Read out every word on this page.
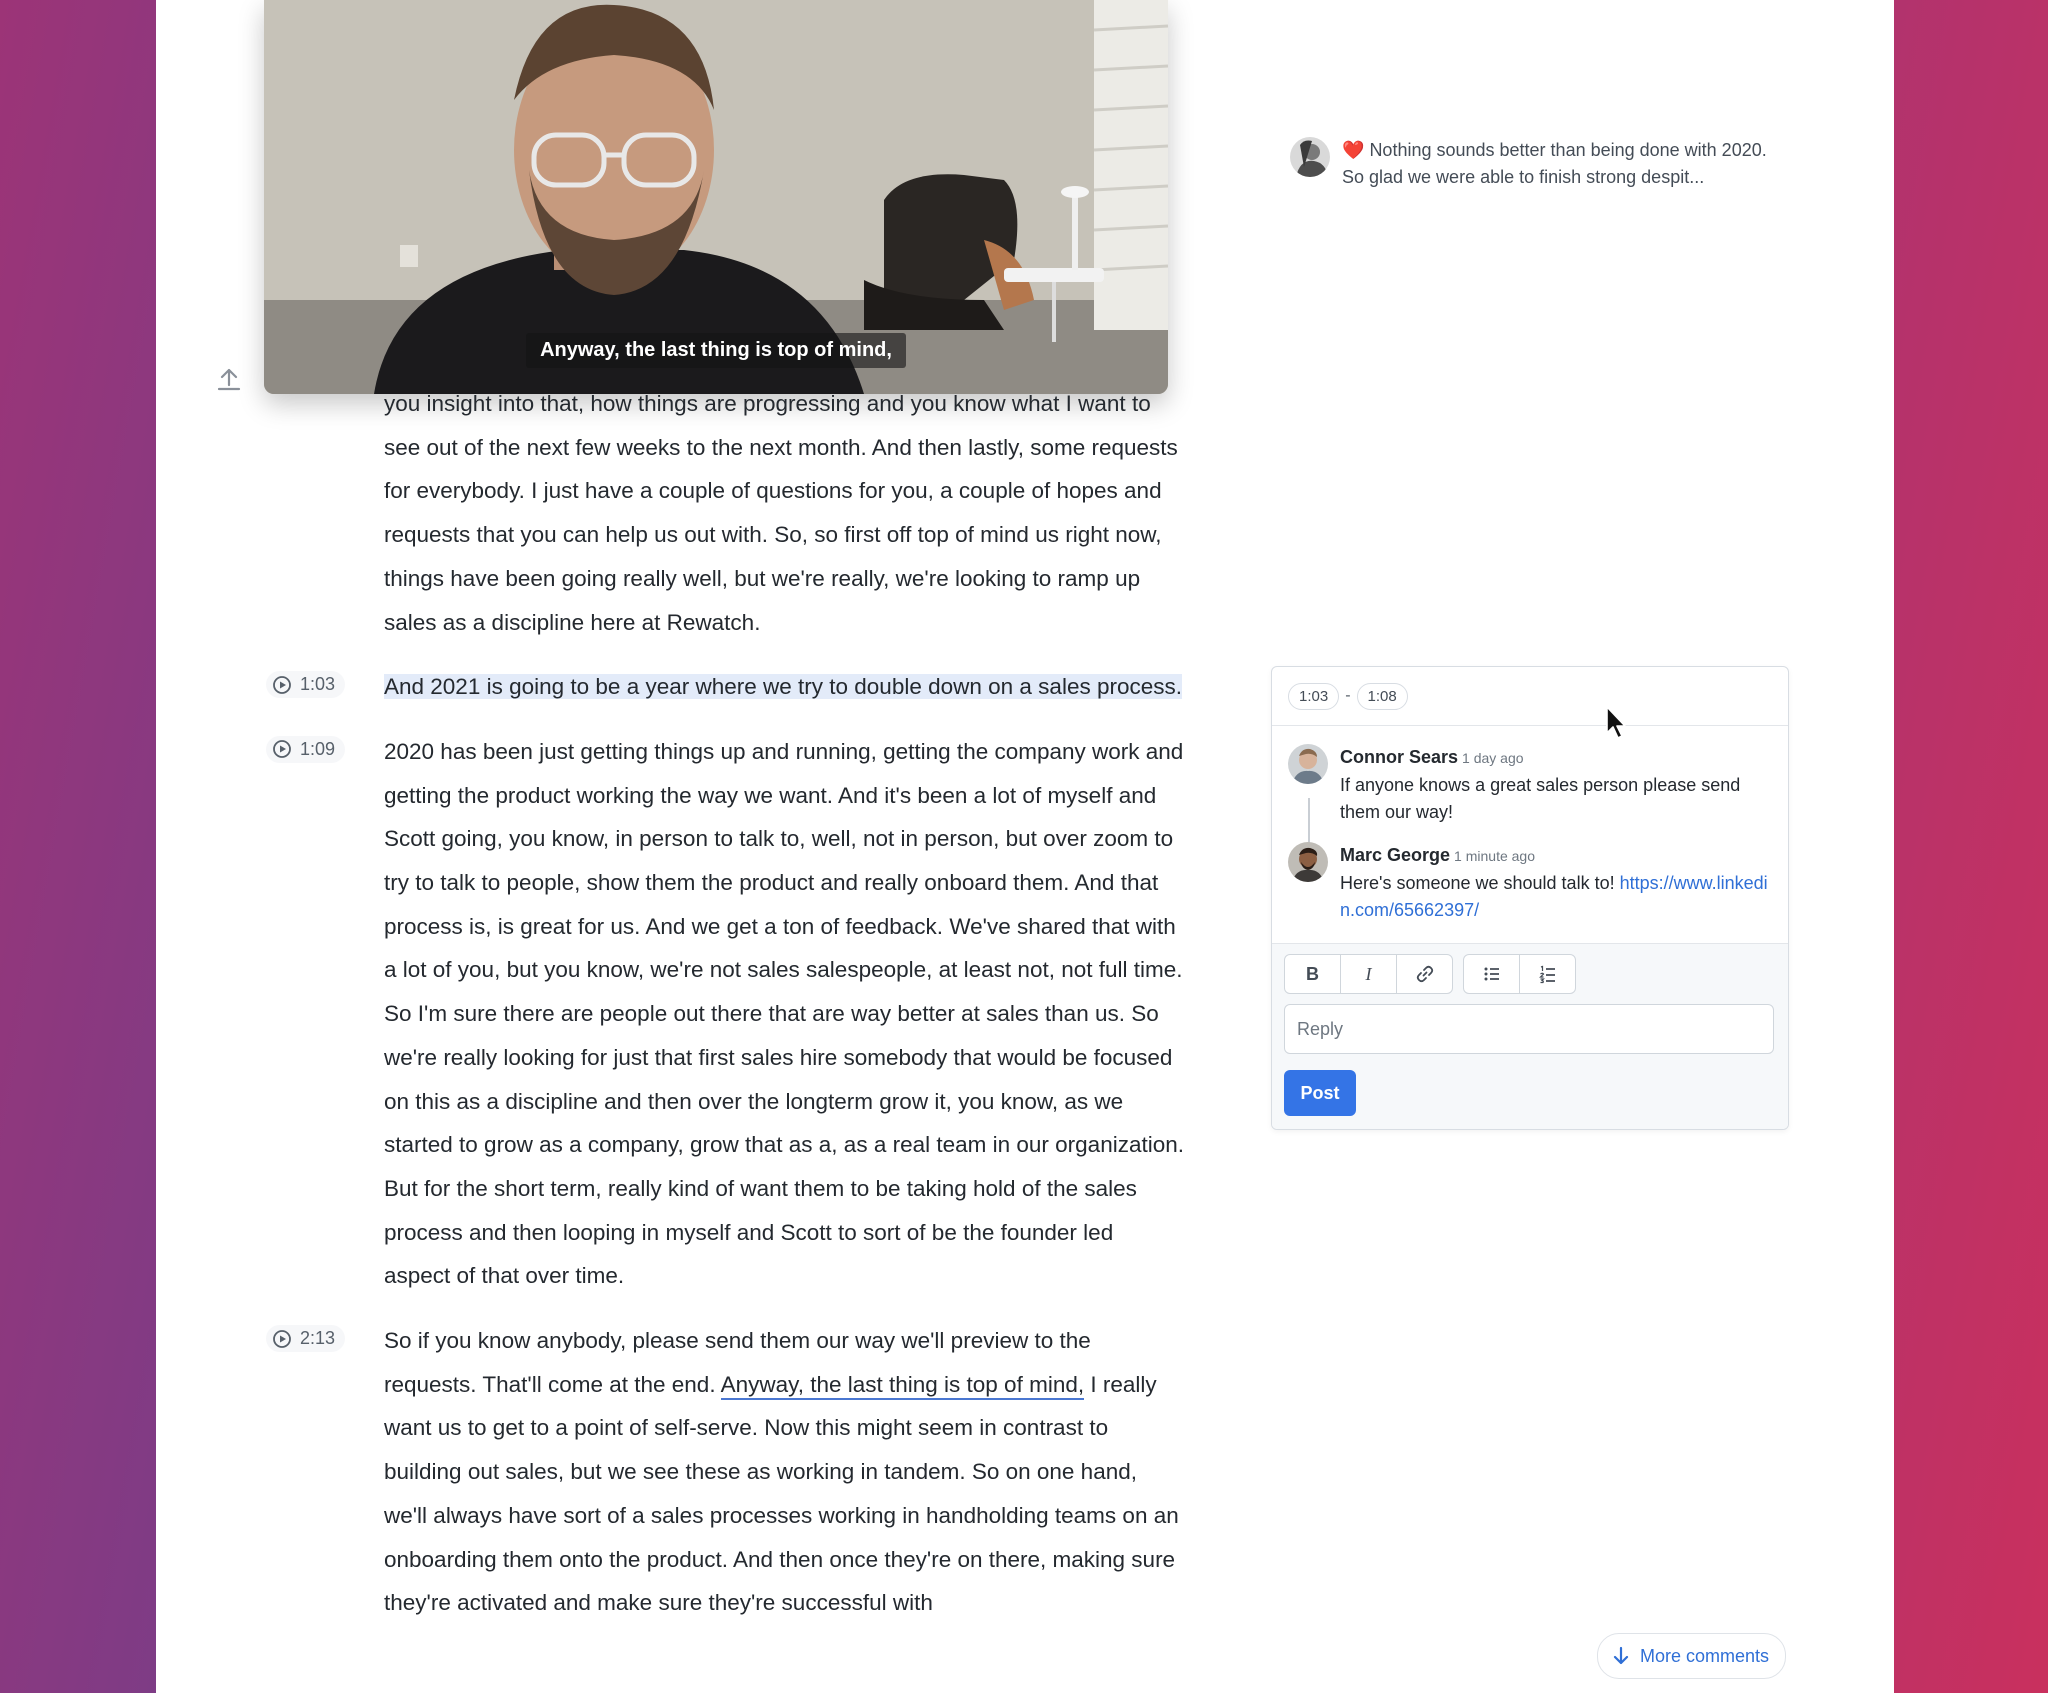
Anyway, the last thing is top of mind,

you insight into that, how things are progressing and you know what I want to see out of the next few weeks to the next month. And then lastly, some requests for everybody. I just have a couple of questions for you, a couple of hopes and requests that you can help us out with. So, so first off top of mind us right now, things have been going really well, but we're really, we're looking to ramp up sales as a discipline here at Rewatch.

1:03 And 2021 is going to be a year where we try to double down on a sales process.

1:09 2020 has been just getting things up and running, getting the company work and getting the product working the way we want. And it's been a lot of myself and Scott going, you know, in person to talk to, well, not in person, but over zoom to try to talk to people, show them the product and really onboard them. And that process is, is great for us. And we get a ton of feedback. We've shared that with a lot of you, but you know, we're not sales salespeople, at least not, not full time. So I'm sure there are people out there that are way better at sales than us. So we're really looking for just that first sales hire somebody that would be focused on this as a discipline and then over the longterm grow it, you know, as we started to grow as a company, grow that as a, as a real team in our organization. But for the short term, really kind of want them to be taking hold of the sales process and then looping in myself and Scott to sort of be the founder led aspect of that over time.

2:13 So if you know anybody, please send them our way we'll preview to the requests. That'll come at the end. Anyway, the last thing is top of mind, I really want us to get to a point of self-serve. Now this might seem in contrast to building out sales, but we see these as working in tandem. So on one hand, we'll always have sort of a sales processes working in handholding teams on an onboarding them onto the product. And then once they're on there, making sure they're activated and make sure they're successful with

❤️ Nothing sounds better than being done with 2020. So glad we were able to finish strong despit...
1:03	-	1:08
Connor Sears 1 day ago
If anyone knows a great sales person please send them our way!
Marc George 1 minute ago
Here's someone we should talk to! https://www.linkedin.com/65662397/
B	I
Reply
Post
More comments
